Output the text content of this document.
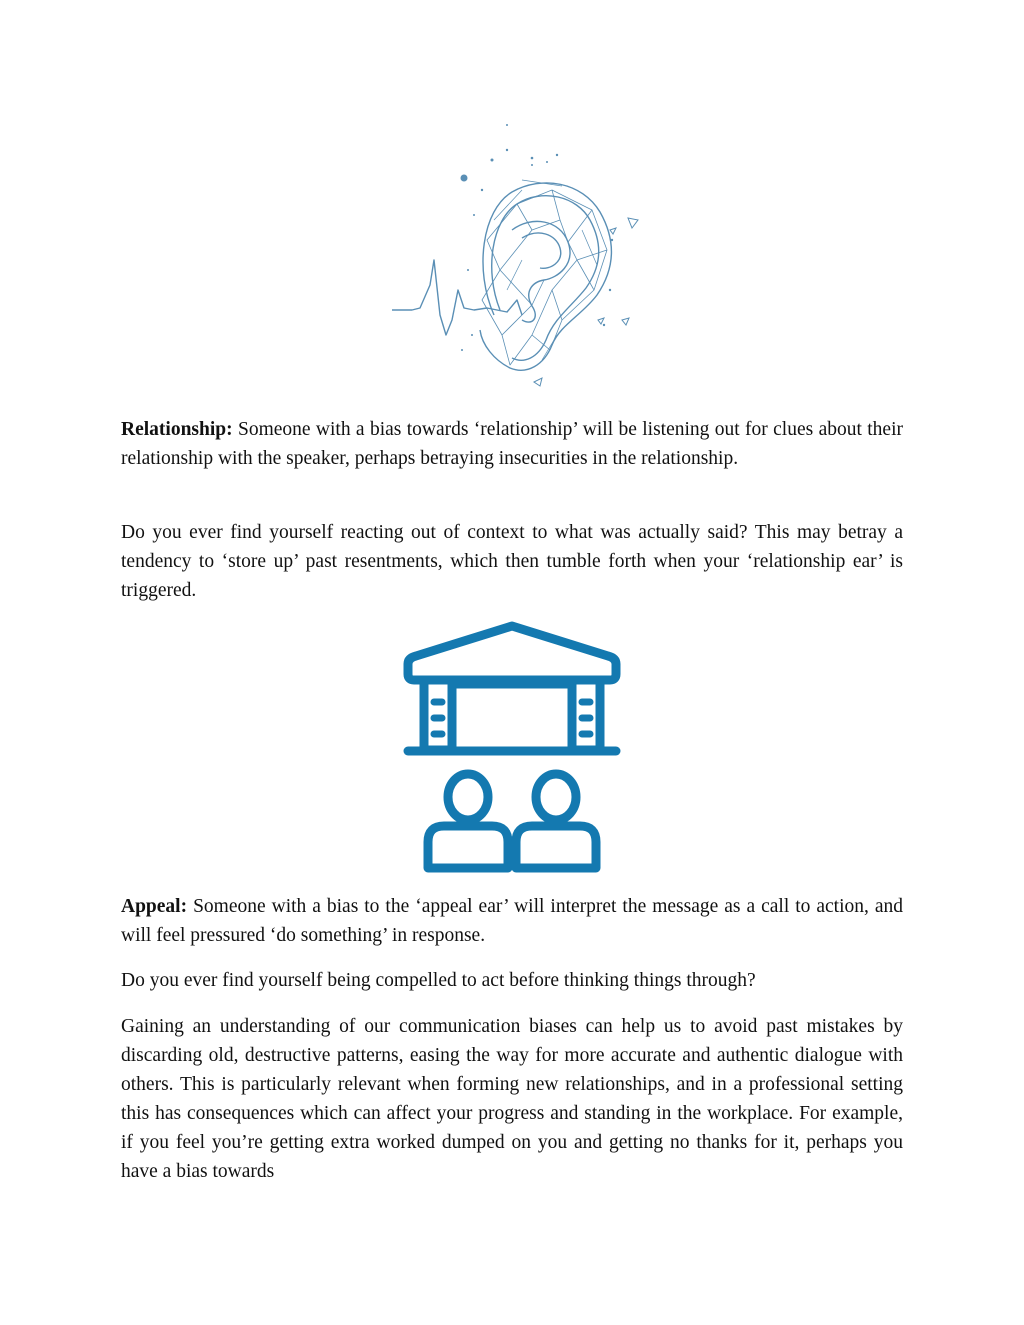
Relationship: Someone with a bias towards ‘relationship’ will be listening out for clues about their relationship with the speaker, perhaps betraying insecurities in the relationship.

Do you ever find yourself reacting out of context to what was actually said? This may betray a tendency to ‘store up’ past resentments, which then tumble forth when your ‘relationship ear’ is triggered.

Appeal: Someone with a bias to the ‘appeal ear’ will interpret the message as a call to action, and will feel pressured ‘do something’ in response.

Do you ever find yourself being compelled to act before thinking things through?

Gaining an understanding of our communication biases can help us to avoid past mistakes by discarding old, destructive patterns, easing the way for more accurate and authentic dialogue with others. This is particularly relevant when forming new relationships, and in a professional setting this has consequences which can affect your progress and standing in the workplace. For example, if you feel you’re getting extra worked dumped on you and getting no thanks for it, perhaps you have a bias towards
